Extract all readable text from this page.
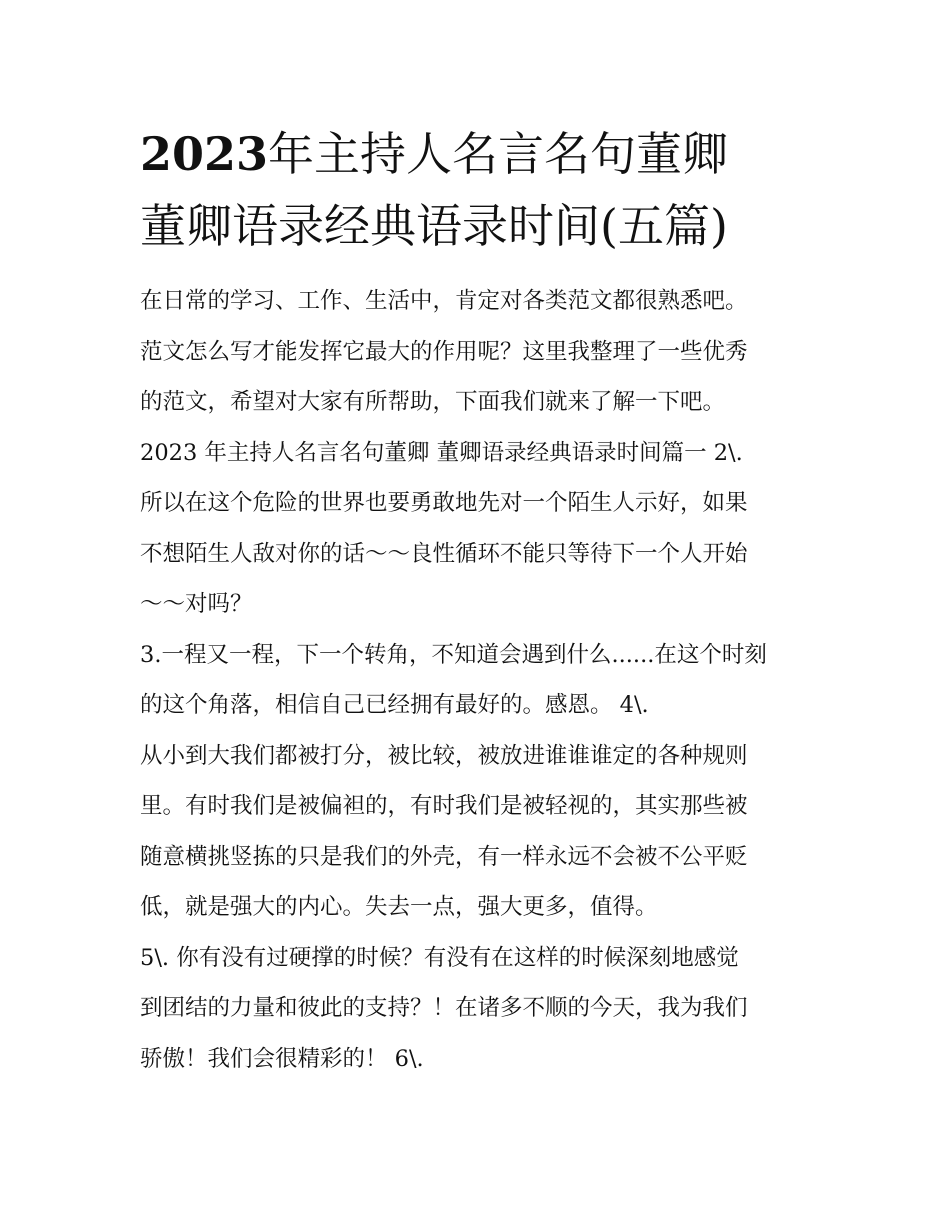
2023年主持人名言名句董卿
董卿语录经典语录时间(五篇)
在日常的学习、工作、生活中，肯定对各类范文都很熟悉吧。
范文怎么写才能发挥它最大的作用呢？这里我整理了一些优秀
的范文，希望对大家有所帮助，下面我们就来了解一下吧。
2023 年主持人名言名句董卿 董卿语录经典语录时间篇一 2\.
所以在这个危险的世界也要勇敢地先对一个陌生人示好，如果
不想陌生人敌对你的话～～良性循环不能只等待下一个人开始
～～对吗？
3.一程又一程，下一个转角，不知道会遇到什么......在这个时刻
的这个角落，相信自己已经拥有最好的。感恩。 4\.
从小到大我们都被打分，被比较，被放进谁谁谁定的各种规则
里。有时我们是被偏袒的，有时我们是被轻视的，其实那些被
随意横挑竖拣的只是我们的外壳，有一样永远不会被不公平贬
低，就是强大的内心。失去一点，强大更多，值得。
5\. 你有没有过硬撑的时候？有没有在这样的时候深刻地感觉
到团结的力量和彼此的支持？！在诸多不顺的今天，我为我们
骄傲！我们会很精彩的！ 6\.
